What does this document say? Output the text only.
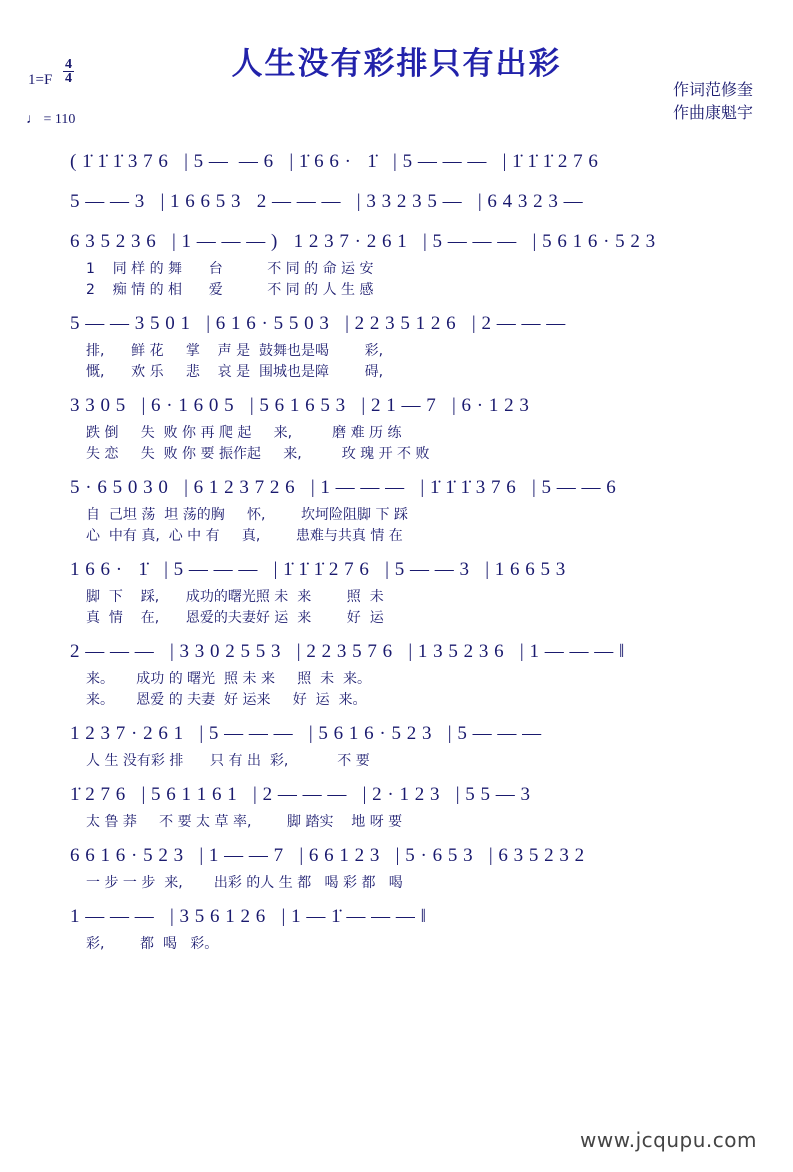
人生没有彩排只有出彩
$1=F \frac{4}{4}$
♩ = 110
作词范修奎
作曲康魁宇
( 1̇ 1̇ 1̇ 3 7 6   | 5 —  — 6   | 1̇ 6 6 ·   1̇   | 5 — — —   | 1̇ 1̇ 1̇ 2 7 6
5 — — 3   | 1 6 6 5 3   2 — — —   | 3 3 2 3 5 —   | 6 4 3 2 3 —
6 3 5 2 3 6   | 1 — — — )   1 2 3 7 · 2 6 1   | 5 — — —   | 5 6 1 6 · 5 2 3
1    同 样 的 舞      台          不 同 的 命 运 安
2    痴 情 的 相      爱          不 同 的 人 生 感
5 — — 3 5 0 1   | 6 1 6 · 5 5 0 3   | 2 2 3 5 1 2 6   | 2 — — —
排,      鲜 花     掌    声 是  鼓舞也是喝        彩,
慨,      欢 乐     悲    哀 是  围城也是障        碍,
3 3 0 5   | 6 · 1 6 0 5   | 5 6 1 6 5 3   | 2 1 — 7   | 6 · 1 2 3
跌 倒     失  败 你 再 爬 起     来,         磨 难 历 练
失 恋     失  败 你 要 振作起     来,         玫 瑰 开 不 败
5 · 6 5 0 3 0   | 6 1 2 3 7 2 6   | 1 — — —   | 1̇ 1̇ 1̇ 3 7 6   | 5 — — 6
自  己坦 荡  坦 荡的胸     怀,        坎坷险阻脚 下 踩
心  中有 真,  心 中 有     真,        患难与共真 情 在
1 6 6 ·   1̇   | 5 — — —   | 1̇ 1̇ 1̇ 2 7 6   | 5 — — 3   | 1 6 6 5 3
脚  下    踩,      成功的曙光照 未  来        照  未
真  情    在,      恩爱的夫妻好 运  来        好  运
2 — — —   | 3 3 0 2 5 5 3   | 2 2 3 5 7 6   | 1 3 5 2 3 6   | 1 — — — ‖
来。     成功 的 曙光  照 未 来     照  未  来。
来。     恩爱 的 夫妻  好 运来     好  运  来。
1 2 3 7 · 2 6 1   | 5 — — —   | 5 6 1 6 · 5 2 3   | 5 — — —
人 生 没有彩 排      只 有 出  彩,           不 要
1̇ 2 7 6   | 5 6 1 1 6 1   | 2 — — —   | 2 · 1 2 3   | 5 5 — 3
太 鲁 莽     不 要 太 草 率,        脚 踏实    地 呀 要
6 6 1 6 · 5 2 3   | 1 — — 7   | 6 6 1 2 3   | 5 · 6 5 3   | 6 3 5 2 3 2
一 步 一 步  来,       出彩 的人 生 都   喝 彩 都   喝
1 — — —   | 3 5 6 1 2 6   | 1 — 1̇ — — — ‖
彩,        都  喝   彩。
www.jcqupu.com
